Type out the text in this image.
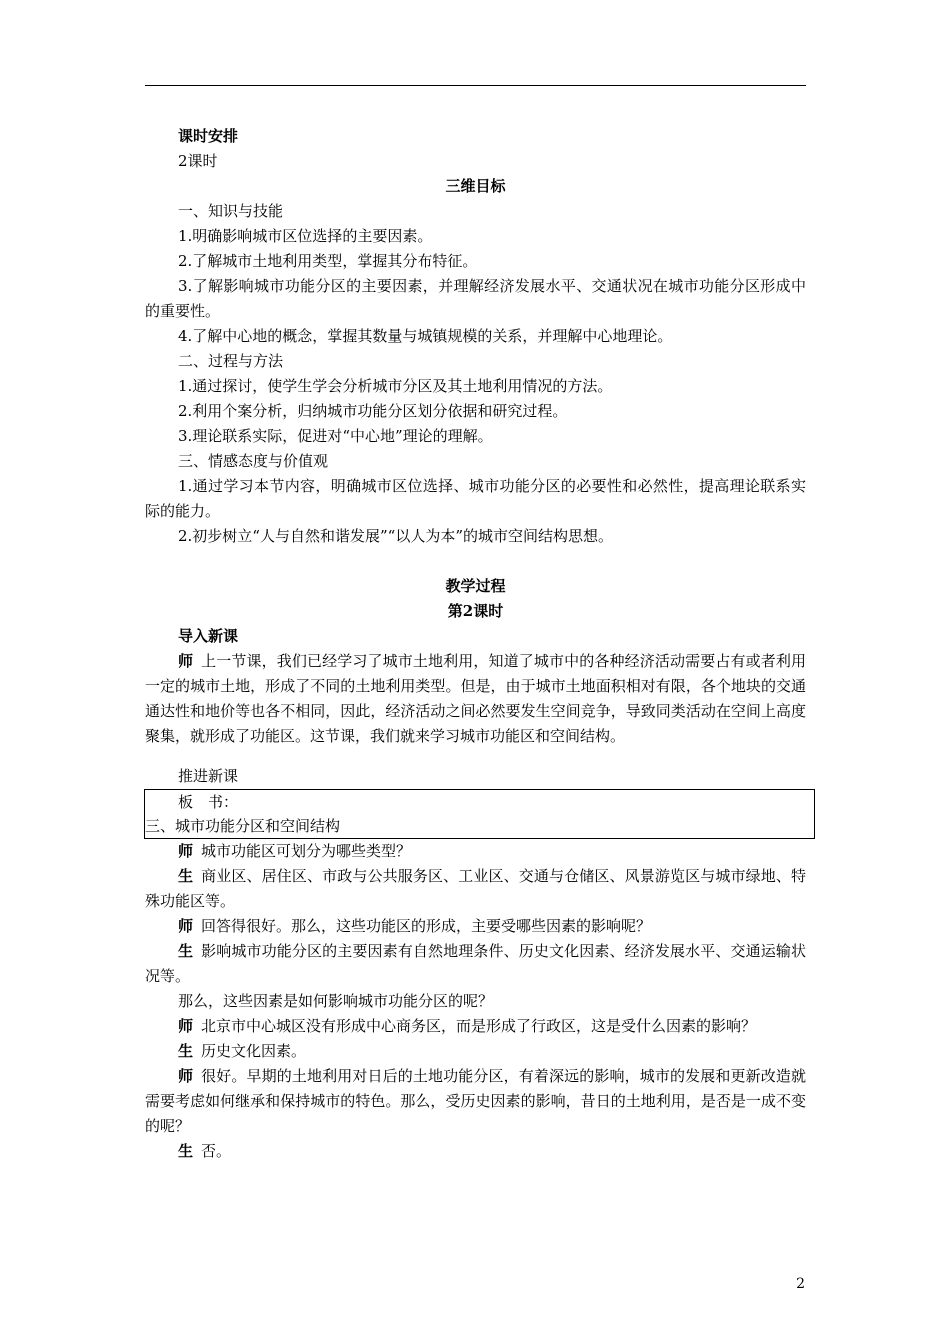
课时安排
2课时
三维目标
一、知识与技能
1.明确影响城市区位选择的主要因素。
2.了解城市土地利用类型，掌握其分布特征。
3.了解影响城市功能分区的主要因素，并理解经济发展水平、交通状况在城市功能分区形成中的重要性。
4.了解中心地的概念，掌握其数量与城镇规模的关系，并理解中心地理论。
二、过程与方法
1.通过探讨，使学生学会分析城市分区及其土地利用情况的方法。
2.利用个案分析，归纳城市功能分区划分依据和研究过程。
3.理论联系实际，促进对“中心地”理论的理解。
三、情感态度与价值观
1.通过学习本节内容，明确城市区位选择、城市功能分区的必要性和必然性，提高理论联系实际的能力。
2.初步树立“人与自然和谐发展”“以人为本”的城市空间结构思想。
教学过程
第2课时
导入新课
师 上一节课，我们已经学习了城市土地利用，知道了城市中的各种经济活动需要占有或者利用一定的城市土地，形成了不同的土地利用类型。但是，由于城市土地面积相对有限，各个地块的交通通达性和地价等也各不相同，因此，经济活动之间必然要发生空间竞争，导致同类活动在空间上高度聚集，就形成了功能区。这节课，我们就来学习城市功能区和空间结构。
推进新课
板　书：
三、城市功能分区和空间结构
师 城市功能区可划分为哪些类型？
生 商业区、居住区、市政与公共服务区、工业区、交通与仓储区、风景游览区与城市绿地、特殊功能区等。
师 回答得很好。那么，这些功能区的形成，主要受哪些因素的影响呢？
生 影响城市功能分区的主要因素有自然地理条件、历史文化因素、经济发展水平、交通运输状况等。
那么，这些因素是如何影响城市功能分区的呢？
师 北京市中心城区没有形成中心商务区，而是形成了行政区，这是受什么因素的影响？
生 历史文化因素。
师 很好。早期的土地利用对日后的土地功能分区，有着深远的影响，城市的发展和更新改造就需要考虑如何继承和保持城市的特色。那么，受历史因素的影响，昔日的土地利用，是否是一成不变的呢？
生 否。
2
